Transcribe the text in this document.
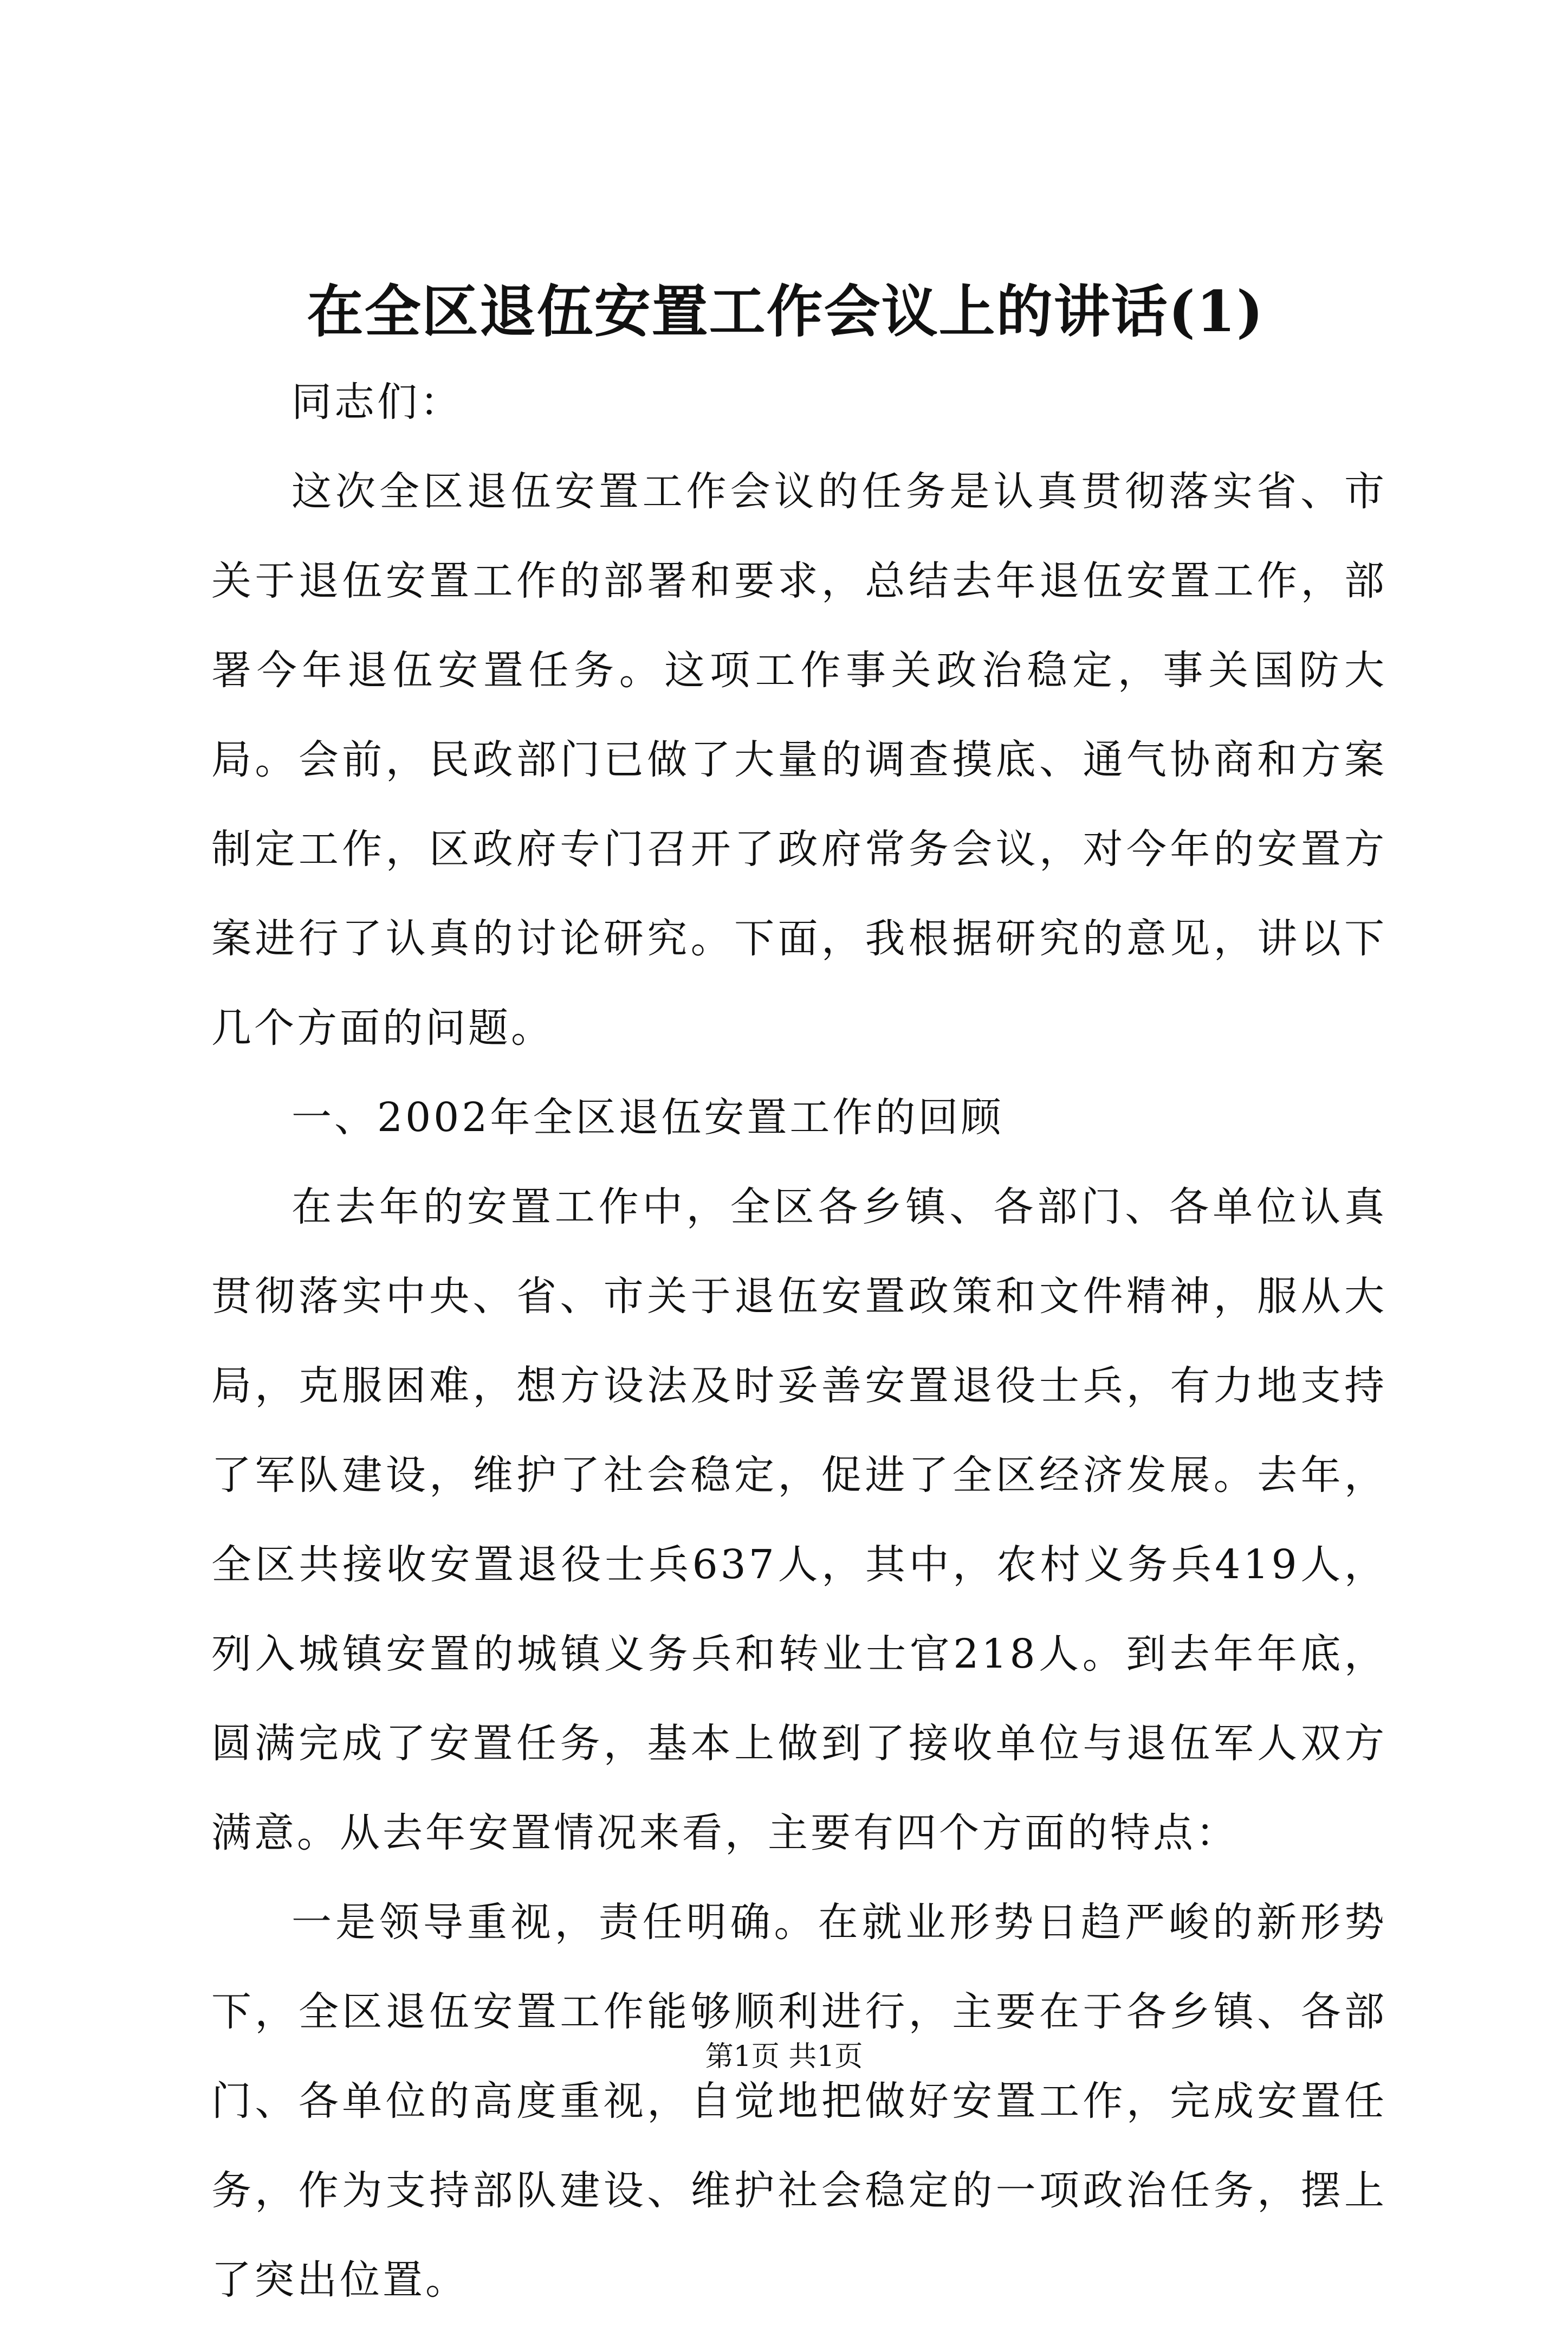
在全区退伍安置工作会议上的讲话(1)

同志们：

这次全区退伍安置工作会议的任务是认真贯彻落实省、市关于退伍安置工作的部署和要求，总结去年退伍安置工作，部署今年退伍安置任务。这项工作事关政治稳定，事关国防大局。会前，民政部门已做了大量的调查摸底、通气协商和方案制定工作，区政府专门召开了政府常务会议，对今年的安置方案进行了认真的讨论研究。下面，我根据研究的意见，讲以下几个方面的问题。

一、2002年全区退伍安置工作的回顾

在去年的安置工作中，全区各乡镇、各部门、各单位认真贯彻落实中央、省、市关于退伍安置政策和文件精神，服从大局，克服困难，想方设法及时妥善安置退役士兵，有力地支持了军队建设，维护了社会稳定，促进了全区经济发展。去年，全区共接收安置退役士兵637人，其中，农村义务兵419人，列入城镇安置的城镇义务兵和转业士官218人。到去年年底，圆满完成了安置任务，基本上做到了接收单位与退伍军人双方满意。从去年安置情况来看，主要有四个方面的特点：

一是领导重视，责任明确。在就业形势日趋严峻的新形势下，全区退伍安置工作能够顺利进行，主要在于各乡镇、各部门、各单位的高度重视，自觉地把做好安置工作，完成安置任务，作为支持部队建设、维护社会稳定的一项政治任务，摆上了突出位置。

第1页 共1页
